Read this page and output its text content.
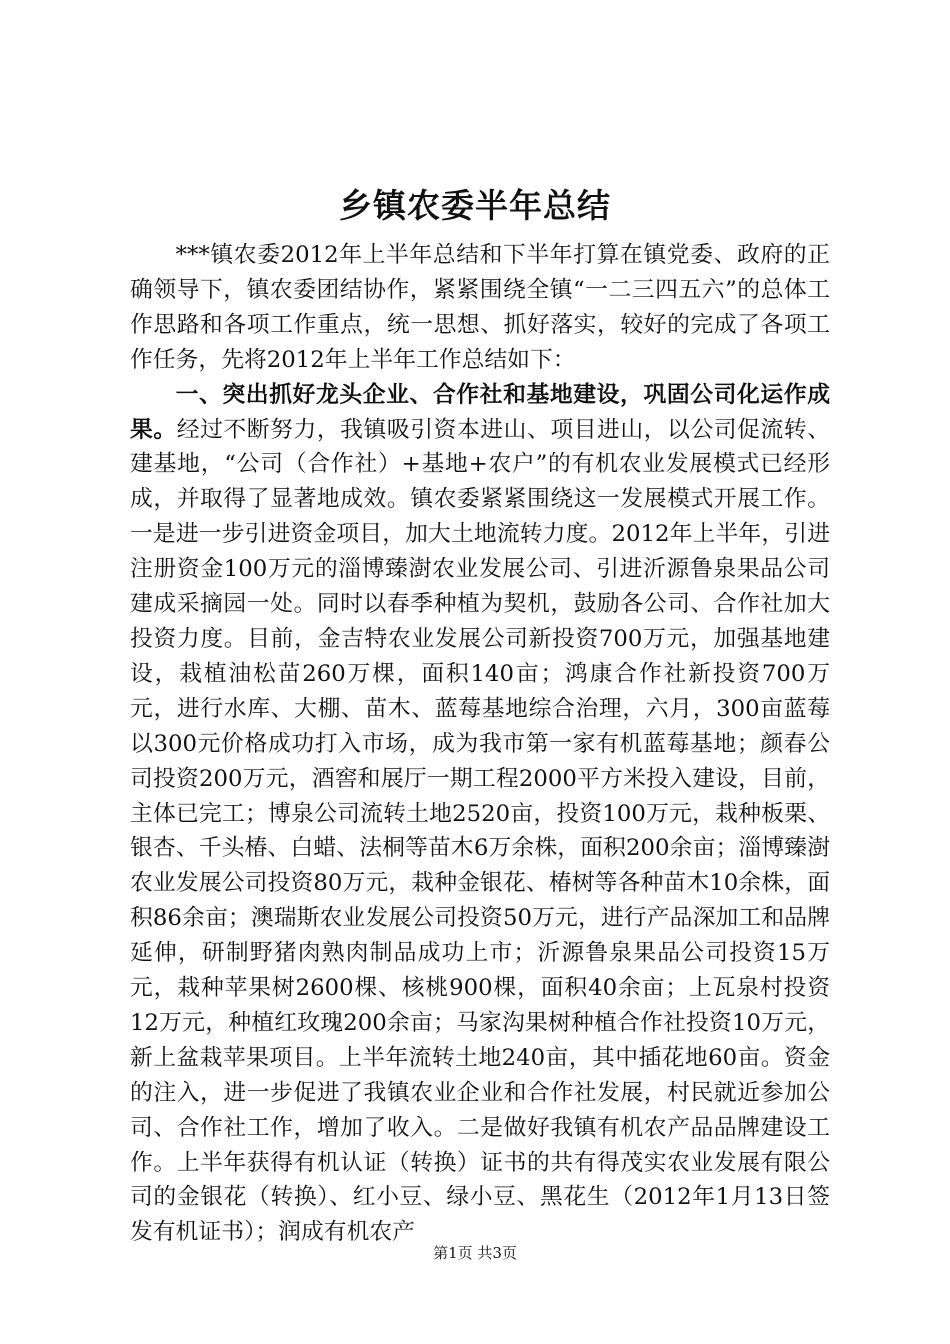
乡镇农委半年总结

***镇农委2012年上半年总结和下半年打算在镇党委、政府的正确领导下，镇农委团结协作，紧紧围绕全镇“一二三四五六”的总体工作思路和各项工作重点，统一思想、抓好落实，较好的完成了各项工作任务，先将2012年上半年工作总结如下：

一、突出抓好龙头企业、合作社和基地建设，巩固公司化运作成果。经过不断努力，我镇吸引资本进山、项目进山，以公司促流转、建基地，“公司（合作社）+基地+农户”的有机农业发展模式已经形成，并取得了显著地成效。镇农委紧紧围绕这一发展模式开展工作。一是进一步引进资金项目，加大土地流转力度。2012年上半年，引进注册资金100万元的淄博臻澍农业发展公司、引进沂源鲁泉果品公司建成采摘园一处。同时以春季种植为契机，鼓励各公司、合作社加大投资力度。目前，金吉特农业发展公司新投资700万元，加强基地建设，栽植油松苗260万棵，面积140亩；鸿康合作社新投资700万元，进行水库、大棚、苗木、蓝莓基地综合治理，六月，300亩蓝莓以300元价格成功打入市场，成为我市第一家有机蓝莓基地；颜春公司投资200万元，酒窖和展厅一期工程2000平方米投入建设，目前，主体已完工；博泉公司流转土地2520亩，投资100万元，栽种板栗、银杏、千头椿、白蜡、法桐等苗木6万余株，面积200余亩；淄博臻澍农业发展公司投资80万元，栽种金银花、椿树等各种苗木10余株，面积86余亩；澳瑞斯农业发展公司投资50万元，进行产品深加工和品牌延伸，研制野猪肉熟肉制品成功上市；沂源鲁泉果品公司投资15万元，栽种苹果树2600棵、核桃900棵，面积40余亩；上瓦泉村投资12万元，种植红玫瑰200余亩；马家沟果树种植合作社投资10万元，新上盆栽苹果项目。上半年流转土地240亩，其中插花地60亩。资金的注入，进一步促进了我镇农业企业和合作社发展，村民就近参加公司、合作社工作，增加了收入。二是做好我镇有机农产品品牌建设工作。上半年获得有机认证（转换）证书的共有得茂实农业发展有限公司的金银花（转换）、红小豆、绿小豆、黑花生（2012年1月13日签发有机证书）；润成有机农产

第1页 共3页
